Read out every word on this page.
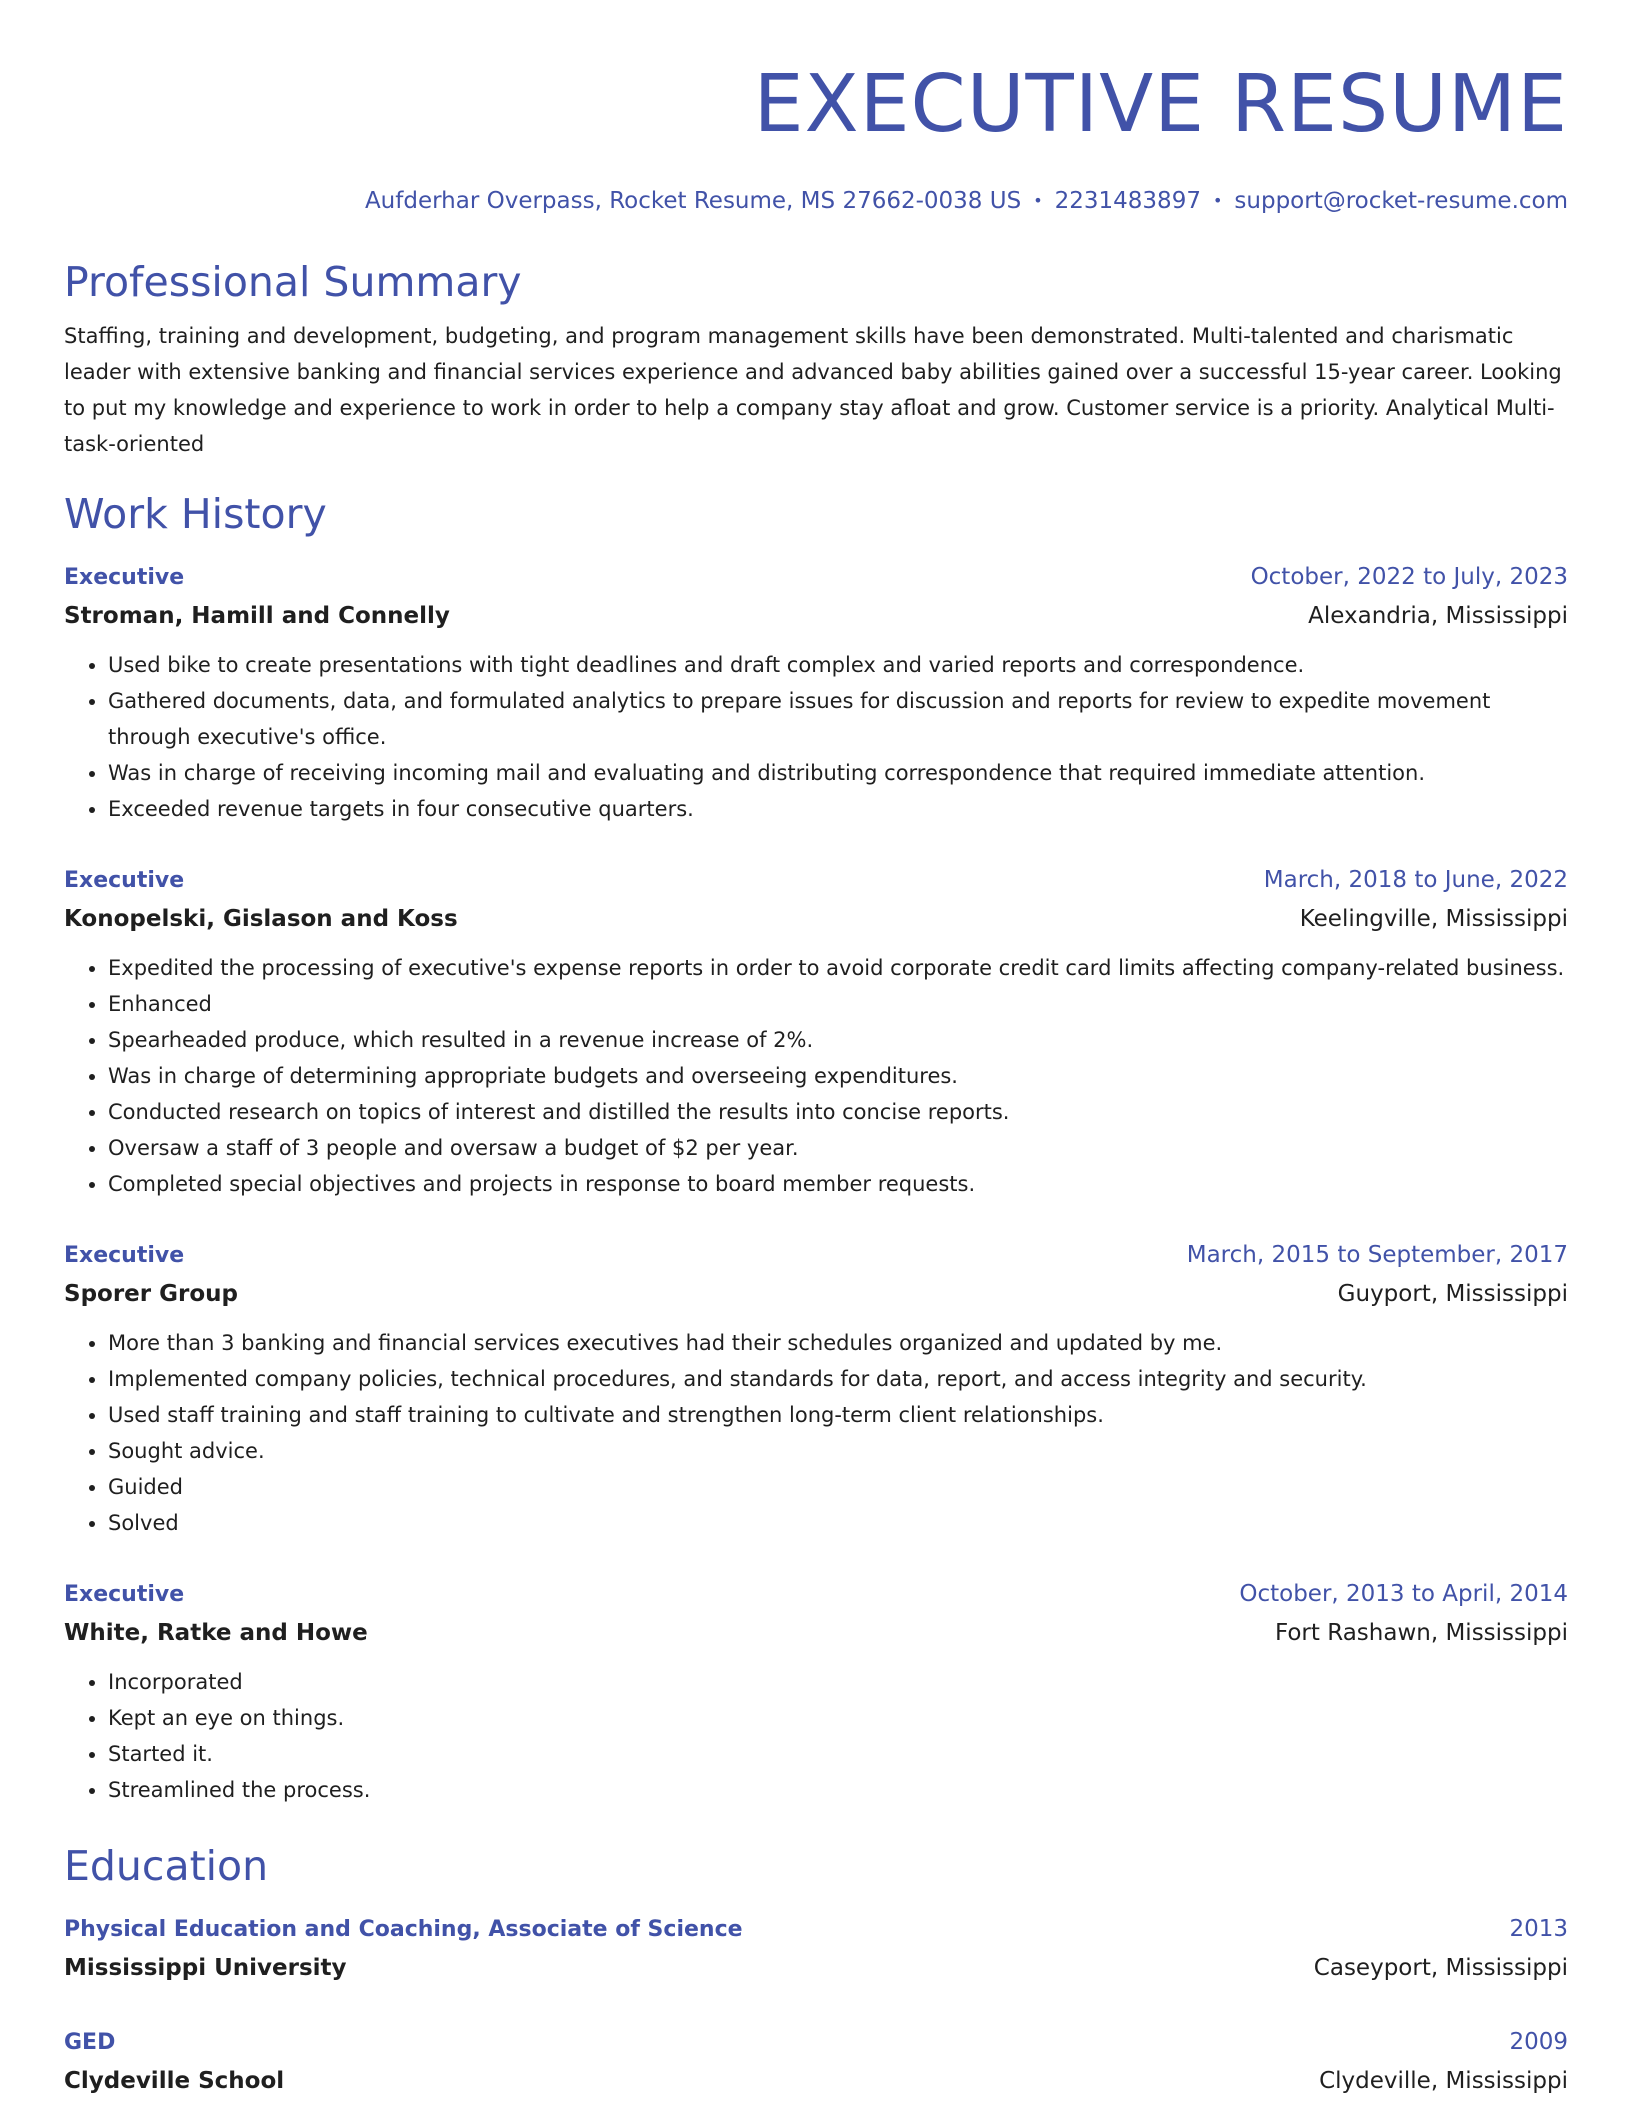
EXECUTIVE RESUME
Aufderhar Overpass, Rocket Resume, MS 27662-0038 US • 2231483897 • support@rocket-resume.com
Professional Summary
Staffing, training and development, budgeting, and program management skills have been demonstrated. Multi-talented and charismatic leader with extensive banking and financial services experience and advanced baby abilities gained over a successful 15-year career. Looking to put my knowledge and experience to work in order to help a company stay afloat and grow. Customer service is a priority. Analytical Multi-task-oriented
Work History
Executive	October, 2022 to July, 2023
Stroman, Hamill and Connelly	Alexandria, Mississippi
• Used bike to create presentations with tight deadlines and draft complex and varied reports and correspondence.
• Gathered documents, data, and formulated analytics to prepare issues for discussion and reports for review to expedite movement through executive's office.
• Was in charge of receiving incoming mail and evaluating and distributing correspondence that required immediate attention.
• Exceeded revenue targets in four consecutive quarters.
Executive	March, 2018 to June, 2022
Konopelski, Gislason and Koss	Keelingville, Mississippi
• Expedited the processing of executive's expense reports in order to avoid corporate credit card limits affecting company-related business.
• Enhanced
• Spearheaded produce, which resulted in a revenue increase of 2%.
• Was in charge of determining appropriate budgets and overseeing expenditures.
• Conducted research on topics of interest and distilled the results into concise reports.
• Oversaw a staff of 3 people and oversaw a budget of $2 per year.
• Completed special objectives and projects in response to board member requests.
Executive	March, 2015 to September, 2017
Sporer Group	Guyport, Mississippi
• More than 3 banking and financial services executives had their schedules organized and updated by me.
• Implemented company policies, technical procedures, and standards for data, report, and access integrity and security.
• Used staff training and staff training to cultivate and strengthen long-term client relationships.
• Sought advice.
• Guided
• Solved
Executive	October, 2013 to April, 2014
White, Ratke and Howe	Fort Rashawn, Mississippi
• Incorporated
• Kept an eye on things.
• Started it.
• Streamlined the process.
Education
Physical Education and Coaching, Associate of Science	2013
Mississippi University	Caseyport, Mississippi
GED	2009
Clydeville School	Clydeville, Mississippi
